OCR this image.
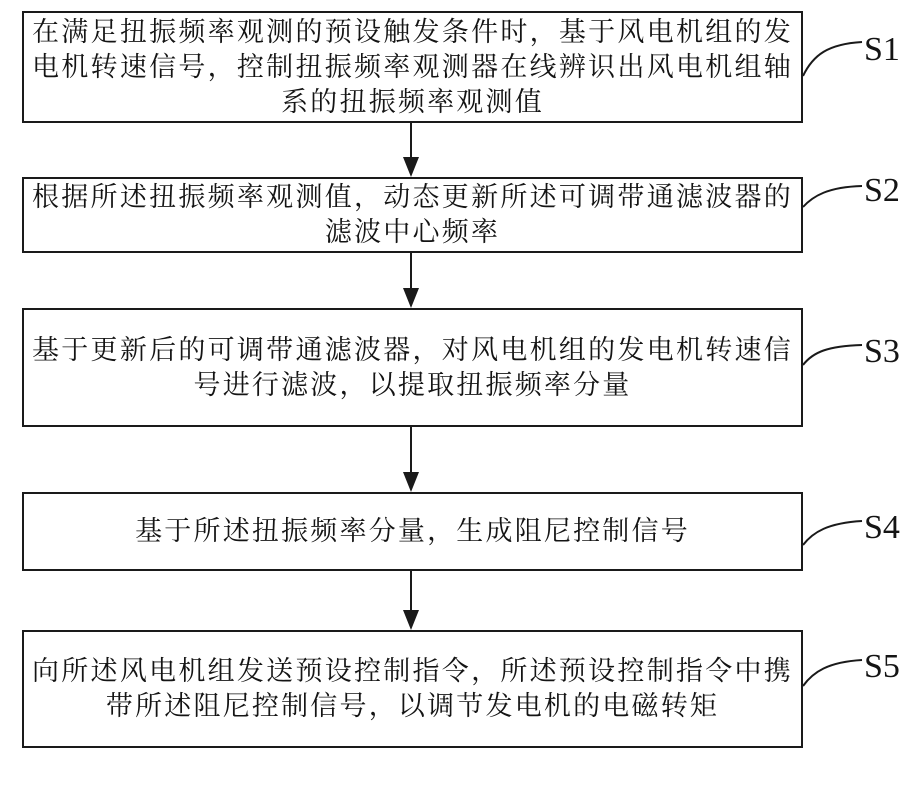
在满足扭振频率观测的预设触发条件时，基于风电机组的发电机转速信号，控制扭振频率观测器在线辨识出风电机组轴系的扭振频率观测值
根据所述扭振频率观测值，动态更新所述可调带通滤波器的滤波中心频率
基于更新后的可调带通滤波器，对风电机组的发电机转速信号进行滤波，以提取扭振频率分量
基于所述扭振频率分量，生成阻尼控制信号
向所述风电机组发送预设控制指令，所述预设控制指令中携带所述阻尼控制信号，以调节发电机的电磁转矩
S1
S2
S3
S4
S5
